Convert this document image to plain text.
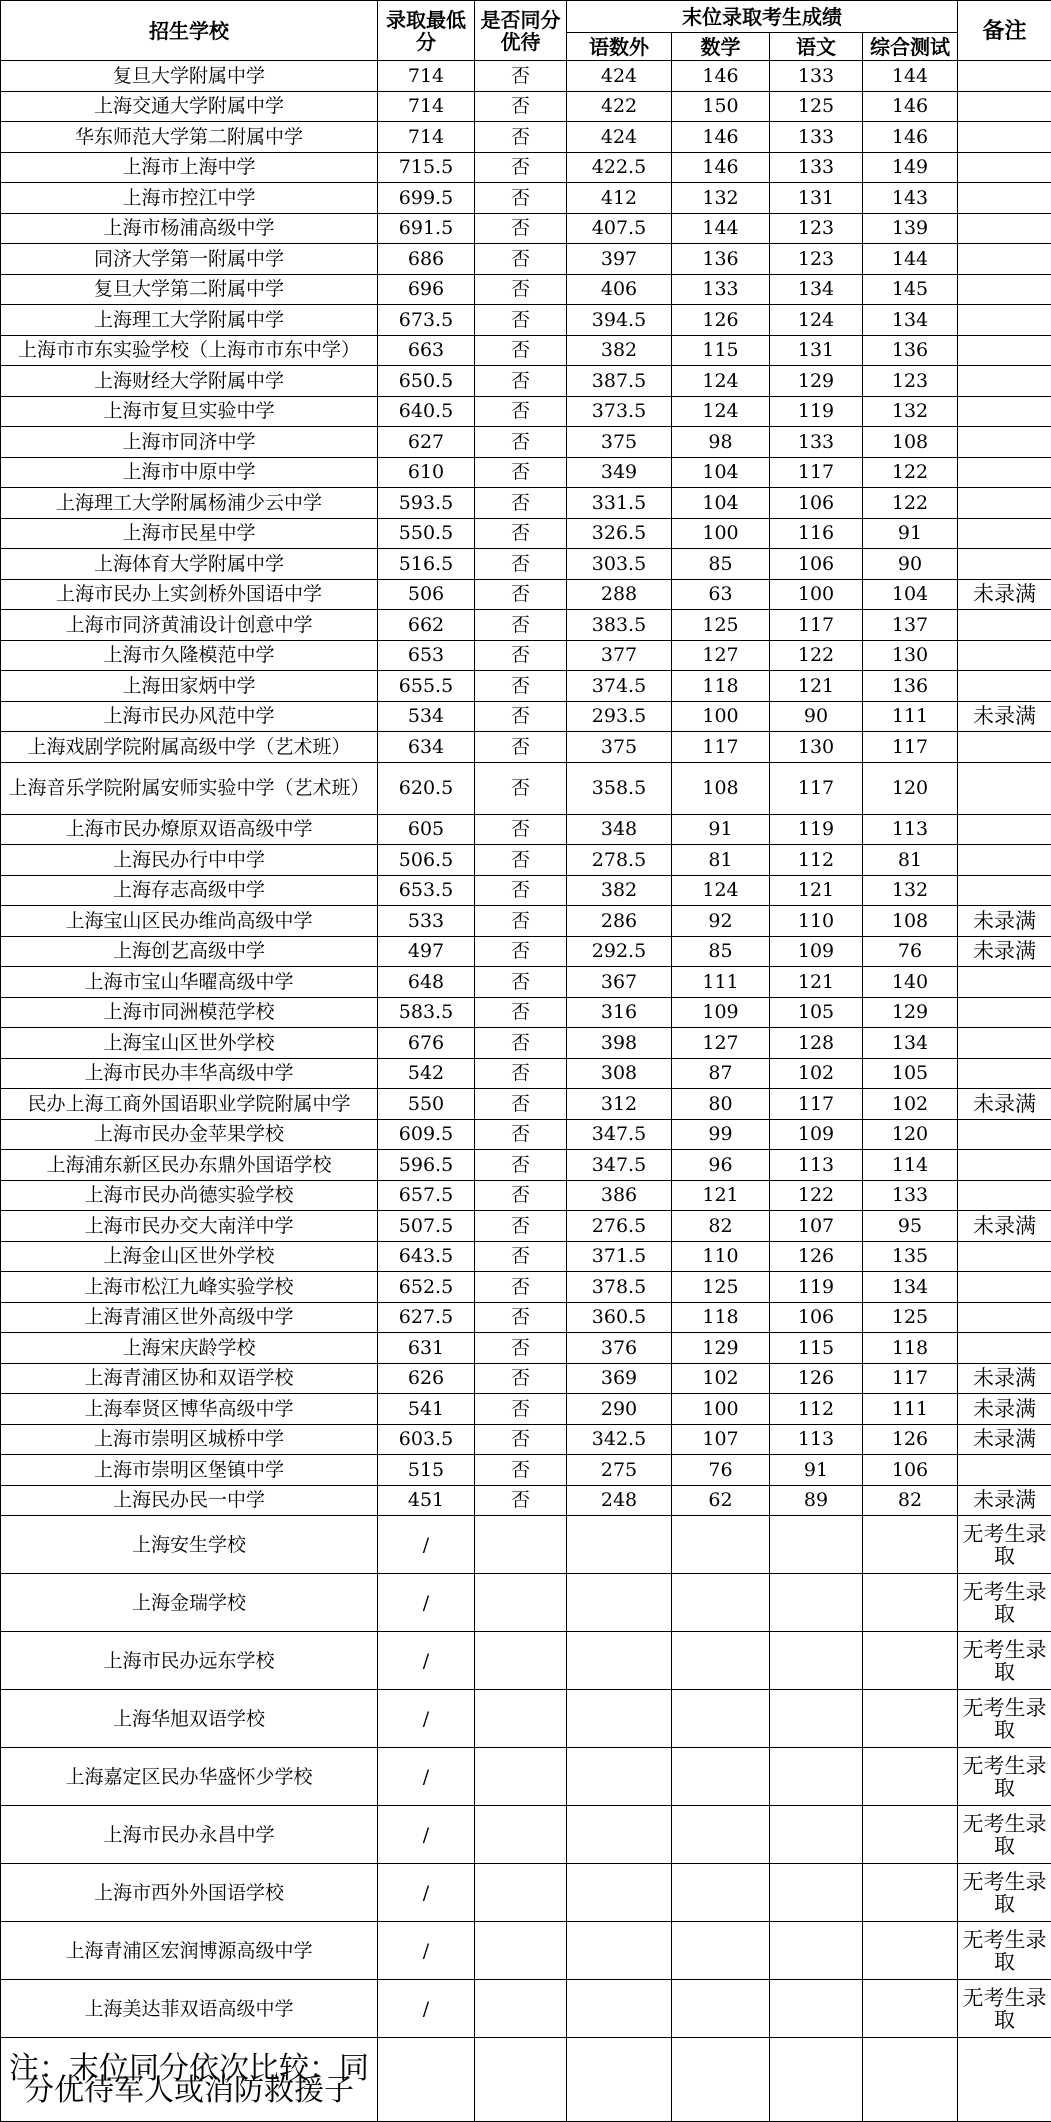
招生学校	录取最低分	是否同分优待	末位录取考生成绩				备注
			语数外	数学	语文	综合测试	
复旦大学附属中学	714	否	424	146	133	144	
上海交通大学附属中学	714	否	422	150	125	146	
华东师范大学第二附属中学	714	否	424	146	133	146	
上海市上海中学	715.5	否	422.5	146	133	149	
上海市控江中学	699.5	否	412	132	131	143	
上海市杨浦高级中学	691.5	否	407.5	144	123	139	
同济大学第一附属中学	686	否	397	136	123	144	
复旦大学第二附属中学	696	否	406	133	134	145	
上海理工大学附属中学	673.5	否	394.5	126	124	134	
上海市市东实验学校（上海市市东中学）	663	否	382	115	131	136	
上海财经大学附属中学	650.5	否	387.5	124	129	123	
上海市复旦实验中学	640.5	否	373.5	124	119	132	
上海市同济中学	627	否	375	98	133	108	
上海市中原中学	610	否	349	104	117	122	
上海理工大学附属杨浦少云中学	593.5	否	331.5	104	106	122	
上海市民星中学	550.5	否	326.5	100	116	91	
上海体育大学附属中学	516.5	否	303.5	85	106	90	
上海市民办上实剑桥外国语中学	506	否	288	63	100	104	未录满
上海市同济黄浦设计创意中学	662	否	383.5	125	117	137	
上海市久隆模范中学	653	否	377	127	122	130	
上海田家炳中学	655.5	否	374.5	118	121	136	
上海市民办风范中学	534	否	293.5	100	90	111	未录满
上海戏剧学院附属高级中学（艺术班）	634	否	375	117	130	117	
上海音乐学院附属安师实验中学（艺术班）	620.5	否	358.5	108	117	120	
上海市民办燎原双语高级中学	605	否	348	91	119	113	
上海民办行中中学	506.5	否	278.5	81	112	81	
上海存志高级中学	653.5	否	382	124	121	132	
上海宝山区民办维尚高级中学	533	否	286	92	110	108	未录满
上海创艺高级中学	497	否	292.5	85	109	76	未录满
上海市宝山华曜高级中学	648	否	367	111	121	140	
上海市同洲模范学校	583.5	否	316	109	105	129	
上海宝山区世外学校	676	否	398	127	128	134	
上海市民办丰华高级中学	542	否	308	87	102	105	
民办上海工商外国语职业学院附属中学	550	否	312	80	117	102	未录满
上海市民办金苹果学校	609.5	否	347.5	99	109	120	
上海浦东新区民办东鼎外国语学校	596.5	否	347.5	96	113	114	
上海市民办尚德实验学校	657.5	否	386	121	122	133	
上海市民办交大南洋中学	507.5	否	276.5	82	107	95	未录满
上海金山区世外学校	643.5	否	371.5	110	126	135	
上海市松江九峰实验学校	652.5	否	378.5	125	119	134	
上海青浦区世外高级中学	627.5	否	360.5	118	106	125	
上海宋庆龄学校	631	否	376	129	115	118	
上海青浦区协和双语学校	626	否	369	102	126	117	未录满
上海奉贤区博华高级中学	541	否	290	100	112	111	未录满
上海市崇明区城桥中学	603.5	否	342.5	107	113	126	未录满
上海市崇明区堡镇中学	515	否	275	76	91	106	
上海民办民一中学	451	否	248	62	89	82	未录满
上海安生学校	/						无考生录取
上海金瑞学校	/						无考生录取
上海市民办远东学校	/						无考生录取
上海华旭双语学校	/						无考生录取
上海嘉定区民办华盛怀少学校	/						无考生录取
上海市民办永昌中学	/						无考生录取
上海市西外外国语学校	/						无考生录取
上海青浦区宏润博源高级中学	/						无考生录取
上海美达菲双语高级中学	/						无考生录取
注：末位同分依次比较：同分优待军人或消防救援子							
